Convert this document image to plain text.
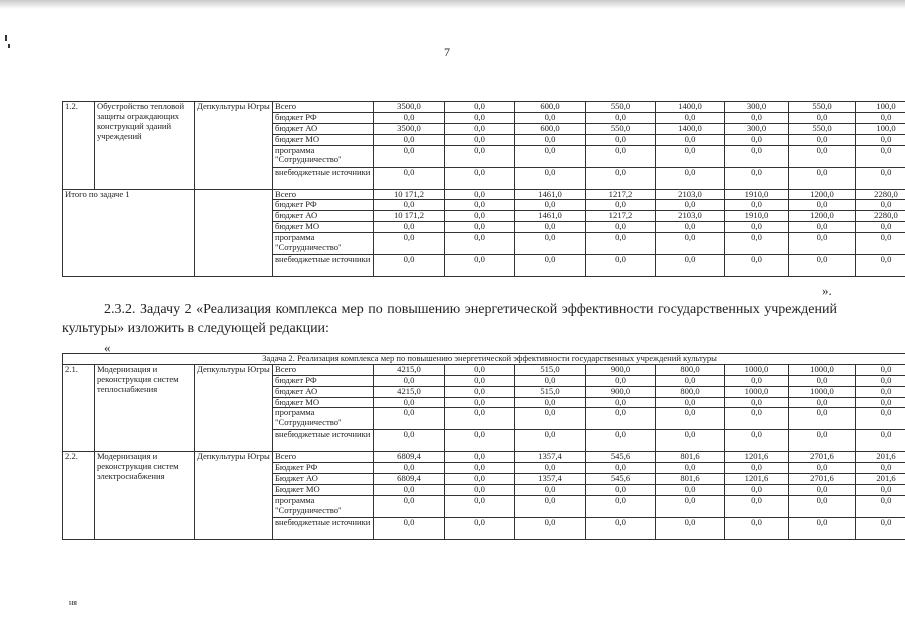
7
1.2.	Обустройство тепловой защиты ограждающих конструкций зданий учреждений	Депкультуры Югры	Всего	3500,0	0,0	600,0	550,0	1400,0	300,0	550,0	100,0
			бюджет РФ	0,0	0,0	0,0	0,0	0,0	0,0	0,0	0,0
			бюджет АО	3500,0	0,0	600,0	550,0	1400,0	300,0	550,0	100,0
			бюджет МО	0,0	0,0	0,0	0,0	0,0	0,0	0,0	0,0
			программа "Сотрудничество"	0,0	0,0	0,0	0,0	0,0	0,0	0,0	0,0
			внебюджетные источники	0,0	0,0	0,0	0,0	0,0	0,0	0,0	0,0
Итого по задаче 1			Всего	10 171,2	0,0	1461,0	1217,2	2103,0	1910,0	1200,0	2280,0
			бюджет РФ	0,0	0,0	0,0	0,0	0,0	0,0	0,0	0,0
			бюджет АО	10 171,2	0,0	1461,0	1217,2	2103,0	1910,0	1200,0	2280,0
			бюджет МО	0,0	0,0	0,0	0,0	0,0	0,0	0,0	0,0
			программа "Сотрудничество"	0,0	0,0	0,0	0,0	0,0	0,0	0,0	0,0
			внебюджетные источники	0,0	0,0	0,0	0,0	0,0	0,0	0,0	0,0
».
2.3.2. Задачу 2 «Реализация комплекса мер по повышению энергетической эффективности государственных учреждений культуры» изложить в следующей редакции:
«
Задача 2. Реализация комплекса мер по повышению энергетической эффективности государственных учреждений культуры											
2.1.	Модернизация и реконструкция систем теплоснабжения	Депкультуры Югры	Всего	4215,0	0,0	515,0	900,0	800,0	1000,0	1000,0	0,0
			бюджет РФ	0,0	0,0	0,0	0,0	0,0	0,0	0,0	0,0
			бюджет АО	4215,0	0,0	515,0	900,0	800,0	1000,0	1000,0	0,0
			бюджет МО	0,0	0,0	0,0	0,0	0,0	0,0	0,0	0,0
			программа "Сотрудничество"	0,0	0,0	0,0	0,0	0,0	0,0	0,0	0,0
			внебюджетные источники	0,0	0,0	0,0	0,0	0,0	0,0	0,0	0,0
2.2.	Модернизация и реконструкция систем электроснабжения	Депкультуры Югры	Всего	6809,4	0,0	1357,4	545,6	801,6	1201,6	2701,6	201,6
			Бюджет РФ	0,0	0,0	0,0	0,0	0,0	0,0	0,0	0,0
			Бюджет АО	6809,4	0,0	1357,4	545,6	801,6	1201,6	2701,6	201,6
			Бюджет МО	0,0	0,0	0,0	0,0	0,0	0,0	0,0	0,0
			программа "Сотрудничество"	0,0	0,0	0,0	0,0	0,0	0,0	0,0	0,0
			внебюджетные источники	0,0	0,0	0,0	0,0	0,0	0,0	0,0	0,0
ня
